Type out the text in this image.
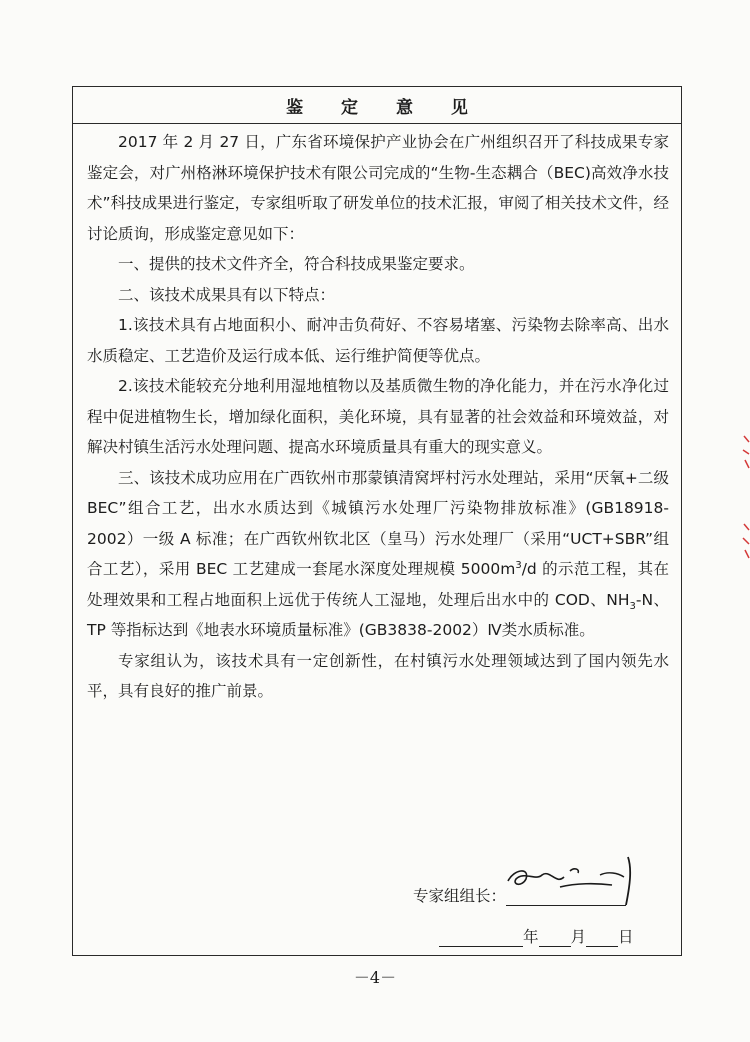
鉴 定 意 见

2017 年 2 月 27 日，广东省环境保护产业协会在广州组织召开了科技成果专家鉴定会，对广州格淋环境保护技术有限公司完成的“生物-生态耦合（BEC)高效净水技术”科技成果进行鉴定，专家组听取了研发单位的技术汇报，审阅了相关技术文件，经讨论质询，形成鉴定意见如下：

一、提供的技术文件齐全，符合科技成果鉴定要求。

二、该技术成果具有以下特点：

1.该技术具有占地面积小、耐冲击负荷好、不容易堵塞、污染物去除率高、出水水质稳定、工艺造价及运行成本低、运行维护简便等优点。

2.该技术能较充分地利用湿地植物以及基质微生物的净化能力，并在污水净化过程中促进植物生长，增加绿化面积，美化环境，具有显著的社会效益和环境效益，对解决村镇生活污水处理问题、提高水环境质量具有重大的现实意义。

三、该技术成功应用在广西钦州市那蒙镇清窝坪村污水处理站，采用“厌氧+二级 BEC”组合工艺，出水水质达到《城镇污水处理厂污染物排放标准》(GB18918-2002）一级 A 标准；在广西钦州钦北区（皇马）污水处理厂（采用“UCT+SBR”组合工艺），采用 BEC 工艺建成一套尾水深度处理规模 $5000m^3/d$ 的示范工程，其在处理效果和工程占地面积上远优于传统人工湿地，处理后出水中的 COD、$NH_3-N$、TP 等指标达到《地表水环境质量标准》(GB3838-2002）Ⅳ类水质标准。

专家组认为，该技术具有一定创新性，在村镇污水处理领域达到了国内领先水平，具有良好的推广前景。

专家组组长：
年 月 日
－4－
